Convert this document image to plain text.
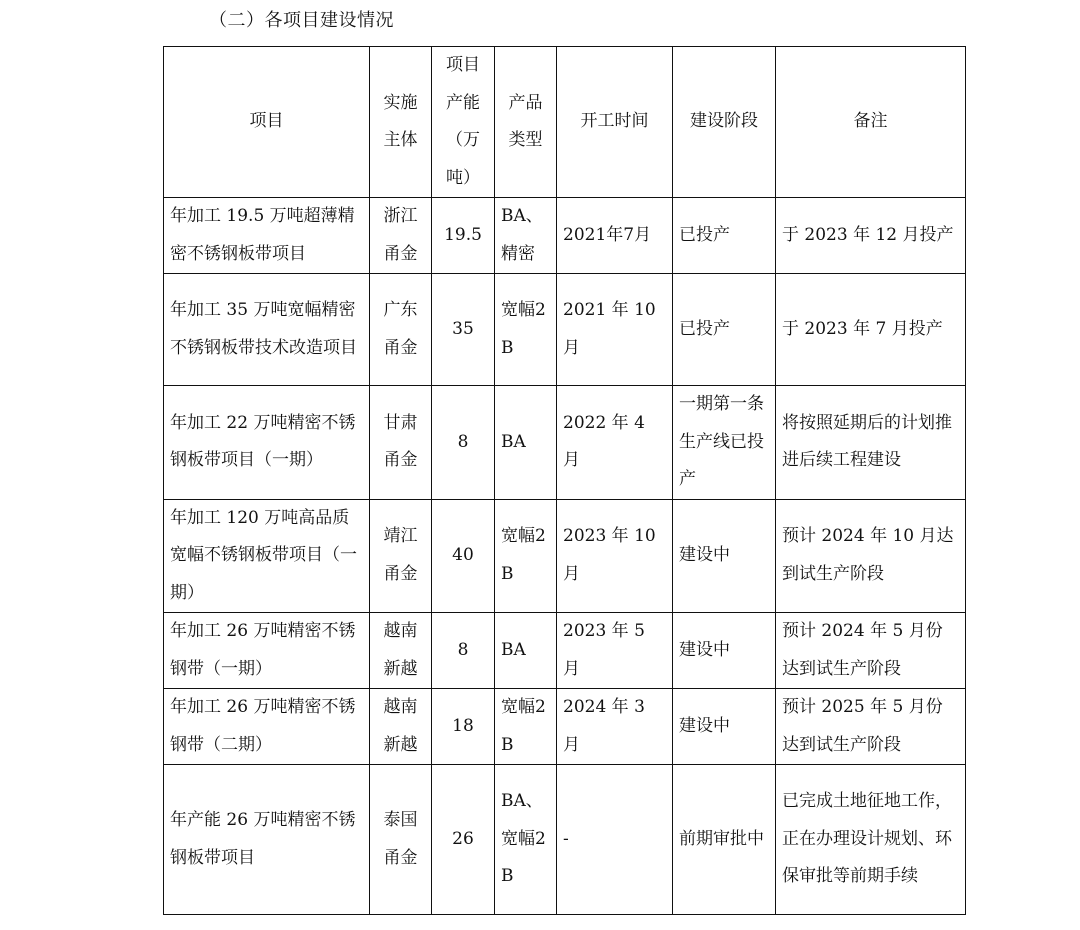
（二）各项目建设情况
项目	实施主体	项目产能（万吨）	产品类型	开工时间	建设阶段	备注
年加工 19.5 万吨超薄精密不锈钢板带项目	浙江甬金	19.5	BA、精密	2021年7月	已投产	于 2023 年 12 月投产
年加工 35 万吨宽幅精密不锈钢板带技术改造项目	广东甬金	35	宽幅2B	2021 年 10 月	已投产	于 2023 年 7 月投产
年加工 22 万吨精密不锈钢板带项目（一期）	甘肃甬金	8	BA	2022 年 4 月	一期第一条生产线已投产	将按照延期后的计划推进后续工程建设
年加工 120 万吨高品质宽幅不锈钢板带项目（一期）	靖江甬金	40	宽幅2B	2023 年 10 月	建设中	预计 2024 年 10 月达到试生产阶段
年加工 26 万吨精密不锈钢带（一期）	越南新越	8	BA	2023 年 5 月	建设中	预计 2024 年 5 月份达到试生产阶段
年加工 26 万吨精密不锈钢带（二期）	越南新越	18	宽幅2B	2024 年 3 月	建设中	预计 2025 年 5 月份达到试生产阶段
年产能 26 万吨精密不锈钢板带项目	泰国甬金	26	BA、宽幅2B	-	前期审批中	已完成土地征地工作，正在办理设计规划、环保审批等前期手续
